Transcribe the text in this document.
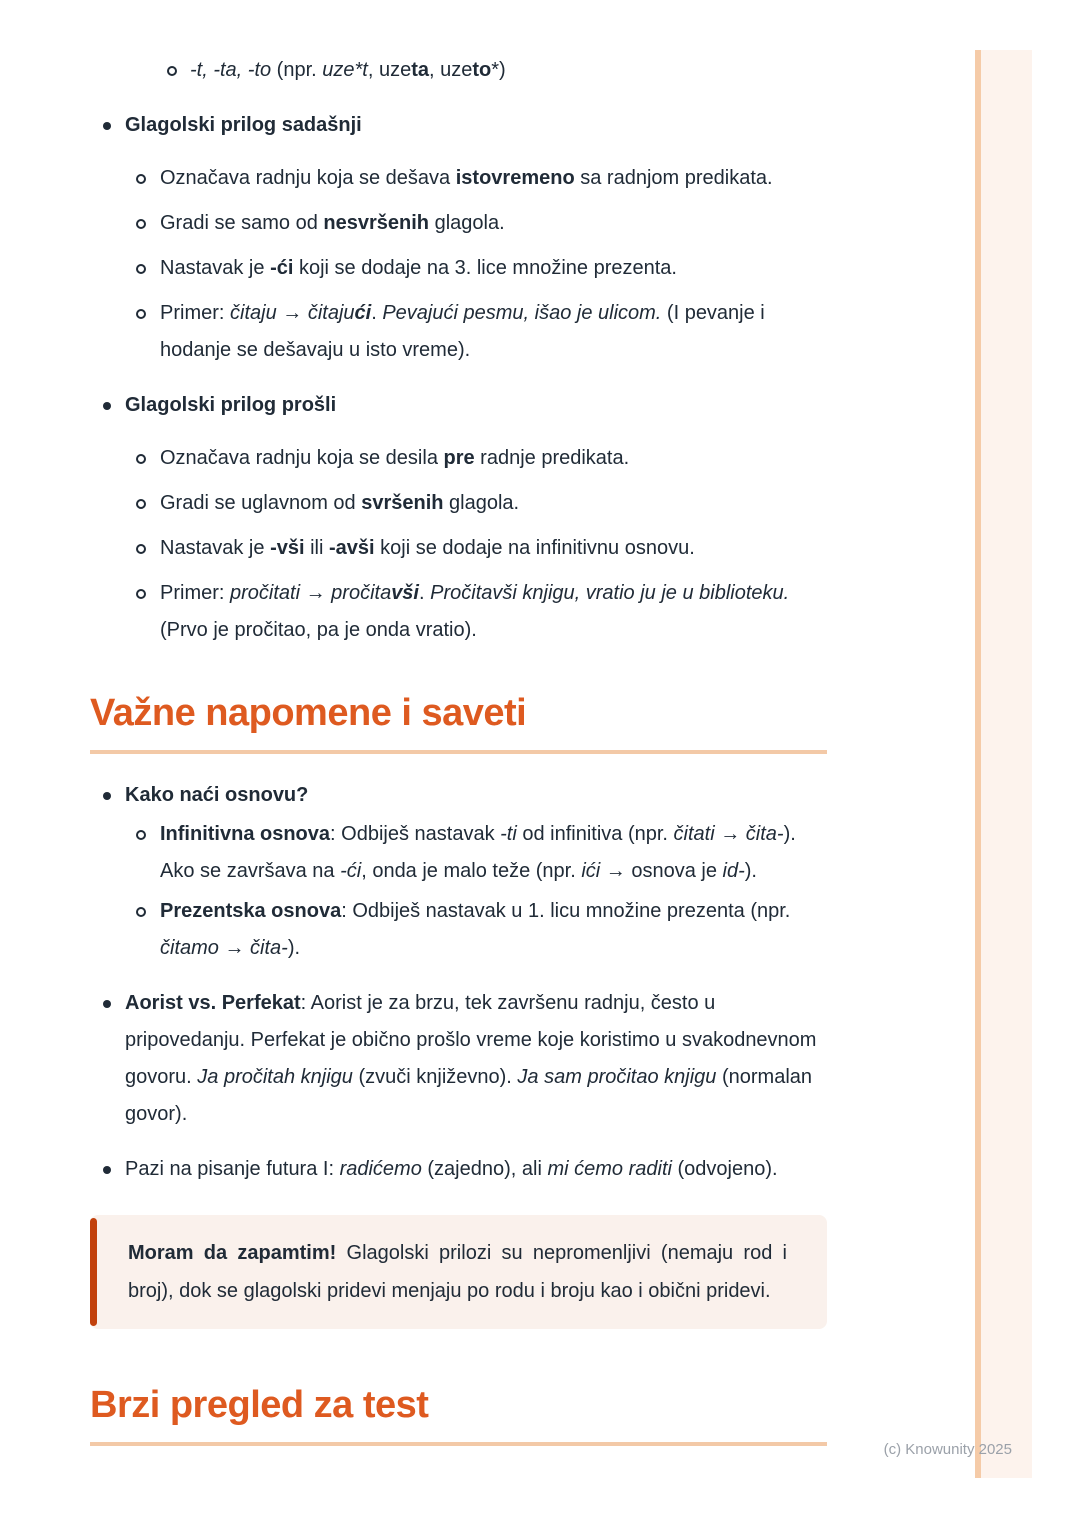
-t, -ta, -to (npr. uze*t, uzeta, uzeto*)
Glagolski prilog sadašnji
Označava radnju koja se dešava istovremeno sa radnjom predikata.
Gradi se samo od nesvršenih glagola.
Nastavak je -ći koji se dodaje na 3. lice množine prezenta.
Primer: čitaju → čitajući. Pevajući pesmu, išao je ulicom. (I pevanje i hodanje se dešavaju u isto vreme).
Glagolski prilog prošli
Označava radnju koja se desila pre radnje predikata.
Gradi se uglavnom od svršenih glagola.
Nastavak je -vši ili -avši koji se dodaje na infinitivnu osnovu.
Primer: pročitati → pročitavši. Pročitavši knjigu, vratio ju je u biblioteku. (Prvo je pročitao, pa je onda vratio).
Važne napomene i saveti
Kako naći osnovu?
Infinitivna osnova: Odbiješ nastavak -ti od infinitiva (npr. čitati → čita-). Ako se završava na -ći, onda je malo teže (npr. ići → osnova je id-).
Prezentska osnova: Odbiješ nastavak u 1. licu množine prezenta (npr. čitamo → čita-).
Aorist vs. Perfekat: Aorist je za brzu, tek završenu radnju, često u pripovedanju. Perfekat je obično prošlo vreme koje koristimo u svakodnevnom govoru. Ja pročitah knjigu (zvuči književno). Ja sam pročitao knjigu (normalan govor).
Pazi na pisanje futura I: radićemo (zajedno), ali mi ćemo raditi (odvojeno).

Moram da zapamtim! Glagolski prilozi su nepromenljivi (nemaju rod i broj), dok se glagolski pridevi menjaju po rodu i broju kao i obični pridevi.

Brzi pregled za test
(c) Knowunity 2025
